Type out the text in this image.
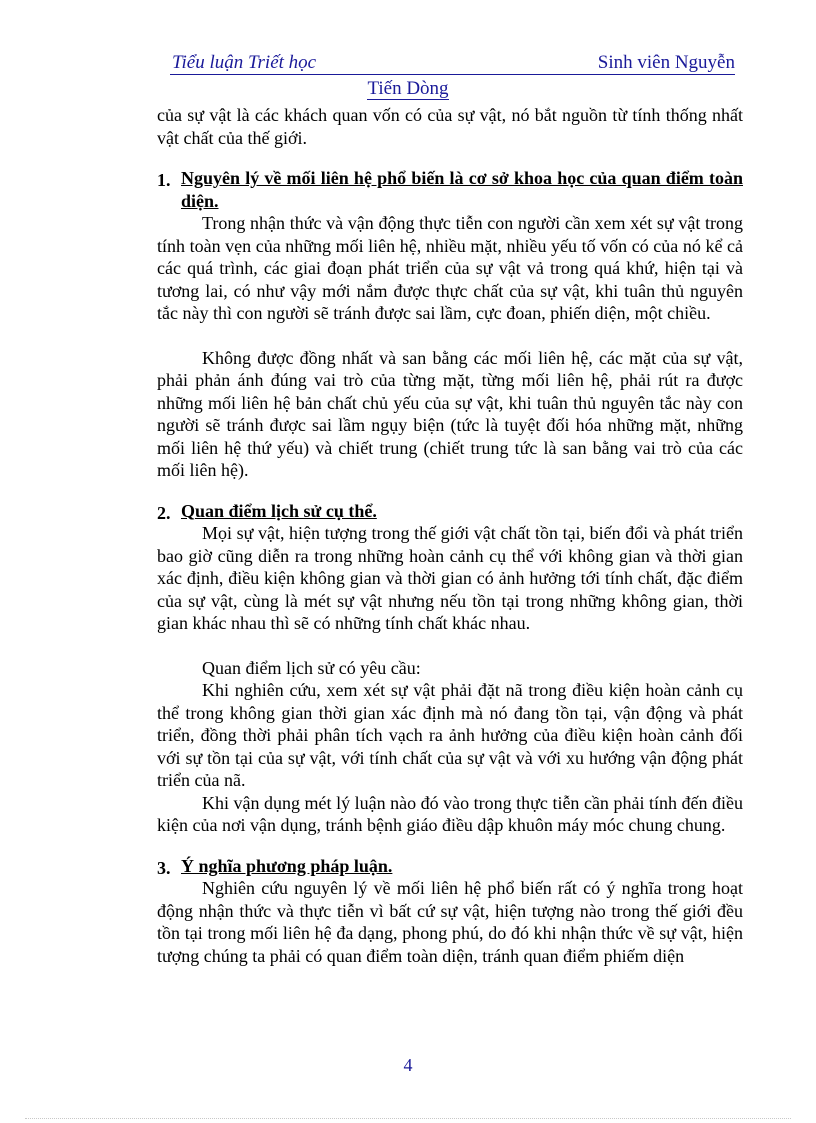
Tiểu luận Triết học	Sinh viên Nguyễn
Tiến Dòng

của sự vật là các khách quan vốn có của sự vật, nó bắt nguồn từ tính thống nhất vật chất của thế giới.

1. Nguyên lý về mối liên hệ phổ biến là cơ sở khoa học của quan điểm toàn diện.

Trong nhận thức và vận động thực tiễn con người cần xem xét sự vật trong tính toàn vẹn của những mối liên hệ, nhiều mặt, nhiều yếu tố vốn có của nó kể cả các quá trình, các giai đoạn phát triển của sự vật vả trong quá khứ, hiện tại và tương lai, có như vậy mới nắm được thực chất của sự vật, khi tuân thủ nguyên tắc này thì con người sẽ tránh được sai lầm, cực đoan, phiến diện, một chiều.

Không được đồng nhất và san bằng các mối liên hệ, các mặt của sự vật, phải phản ánh đúng vai trò của từng mặt, từng mối liên hệ, phải rút ra được những mối liên hệ bản chất chủ yếu của sự vật, khi tuân thủ nguyên tắc này con người sẽ tránh được sai lầm ngụy biện (tức là tuyệt đối hóa những mặt, những mối liên hệ thứ yếu) và chiết trung (chiết trung tức là san bằng vai trò của các mối liên hệ).

2. Quan điểm lịch sử cụ thể.

Mọi sự vật, hiện tượng trong thế giới vật chất tồn tại, biến đổi và phát triển bao giờ cũng diễn ra trong những hoàn cảnh cụ thể với không gian và thời gian xác định, điều kiện không gian và thời gian có ảnh hưởng tới tính chất, đặc điểm của sự vật, cùng là mét sự vật nhưng nếu tồn tại trong những không gian, thời gian khác nhau thì sẽ có những tính chất khác nhau.

Quan điểm lịch sử có yêu cầu:

Khi nghiên cứu, xem xét sự vật phải đặt nã trong điều kiện hoàn cảnh cụ thể trong không gian thời gian xác định mà nó đang tồn tại, vận động và phát triển, đồng thời phải phân tích vạch ra ảnh hưởng của điều kiện hoàn cảnh đối với sự tồn tại của sự vật, với tính chất của sự vật và với xu hướng vận động phát triển của nã.

Khi vận dụng mét lý luận nào đó vào trong thực tiễn cần phải tính đến điều kiện của nơi vận dụng, tránh bệnh giáo điều dập khuôn máy móc chung chung.

3. Ý nghĩa phương pháp luận.

Nghiên cứu nguyên lý về mối liên hệ phổ biến rất có ý nghĩa trong hoạt động nhận thức và thực tiễn vì bất cứ sự vật, hiện tượng nào trong thế giới đều tồn tại trong mối liên hệ đa dạng, phong phú, do đó khi nhận thức về sự vật, hiện tượng chúng ta phải có quan điểm toàn diện, tránh quan điểm phiếm diện

4
